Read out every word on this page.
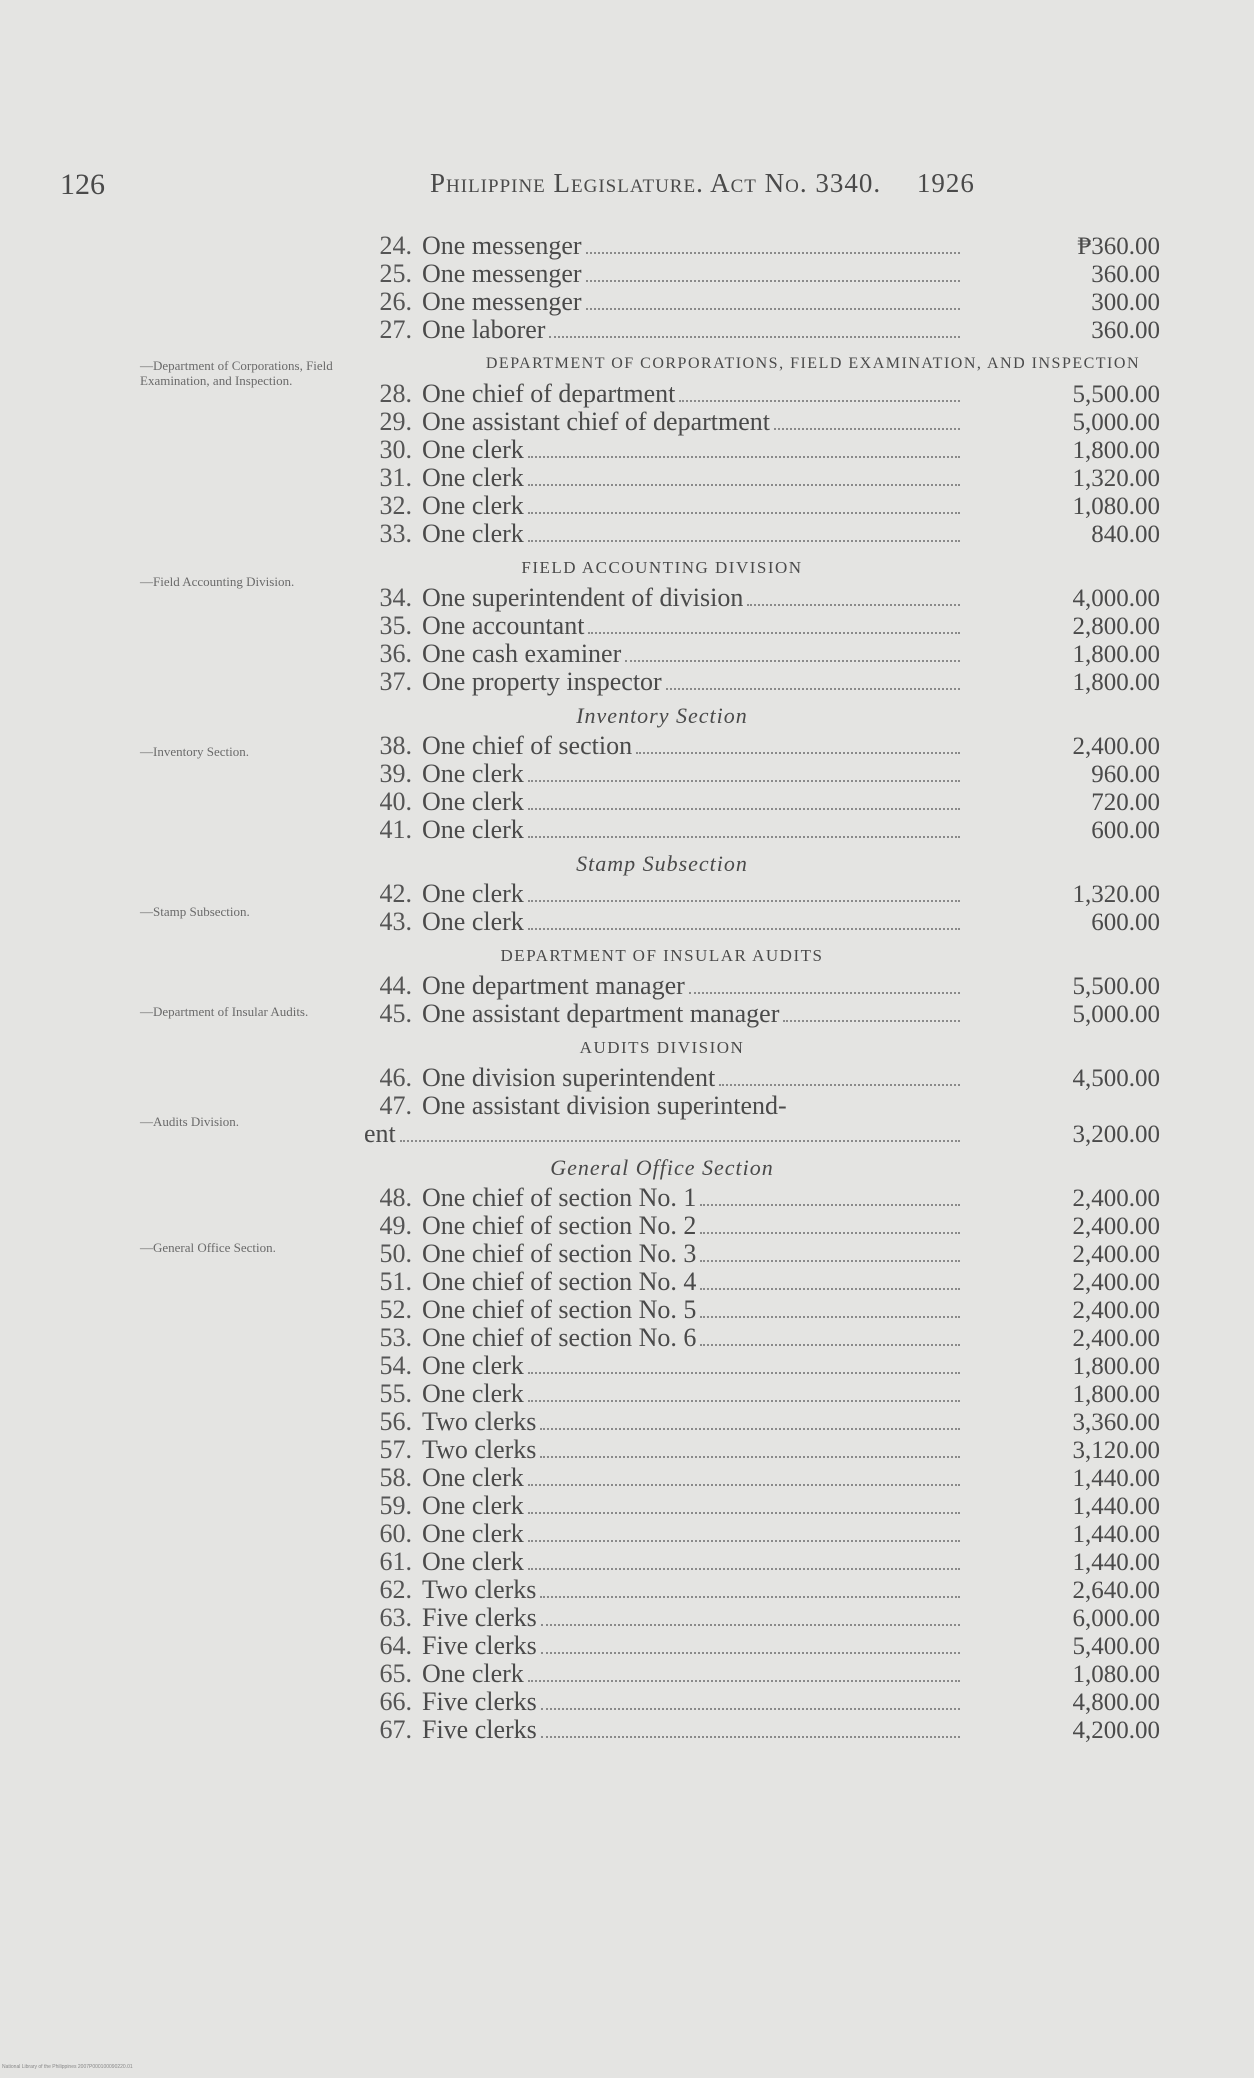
126	Philippine Legislature. Act No. 3340. 1926
—Department of Corporations, Field Examination, and Inspection.
—Field Accounting Division.
—Inventory Section.
—Stamp Subsection.
—Department of Insular Audits.
—Audits Division.
—General Office Section.
24. One messenger	₱360.00
25. One messenger	360.00
26. One messenger	300.00
27. One laborer	360.00
DEPARTMENT OF CORPORATIONS, FIELD EXAMINATION, AND INSPECTION
28. One chief of department	5,500.00
29. One assistant chief of department	5,000.00
30. One clerk	1,800.00
31. One clerk	1,320.00
32. One clerk	1,080.00
33. One clerk	840.00
FIELD ACCOUNTING DIVISION
34. One superintendent of division	4,000.00
35. One accountant	2,800.00
36. One cash examiner	1,800.00
37. One property inspector	1,800.00
Inventory Section
38. One chief of section	2,400.00
39. One clerk	960.00
40. One clerk	720.00
41. One clerk	600.00
Stamp Subsection
42. One clerk	1,320.00
43. One clerk	600.00
DEPARTMENT OF INSULAR AUDITS
44. One department manager	5,500.00
45. One assistant department manager	5,000.00
AUDITS DIVISION
46. One division superintendent	4,500.00
47. One assistant division superintend-
ent	3,200.00
General Office Section
48. One chief of section No. 1	2,400.00
49. One chief of section No. 2	2,400.00
50. One chief of section No. 3	2,400.00
51. One chief of section No. 4	2,400.00
52. One chief of section No. 5	2,400.00
53. One chief of section No. 6	2,400.00
54. One clerk	1,800.00
55. One clerk	1,800.00
56. Two clerks	3,360.00
57. Two clerks	3,120.00
58. One clerk	1,440.00
59. One clerk	1,440.00
60. One clerk	1,440.00
61. One clerk	1,440.00
62. Two clerks	2,640.00
63. Five clerks	6,000.00
64. Five clerks	5,400.00
65. One clerk	1,080.00
66. Five clerks	4,800.00
67. Five clerks	4,200.00
National Library of the Philippines 2007P000100090220.01
